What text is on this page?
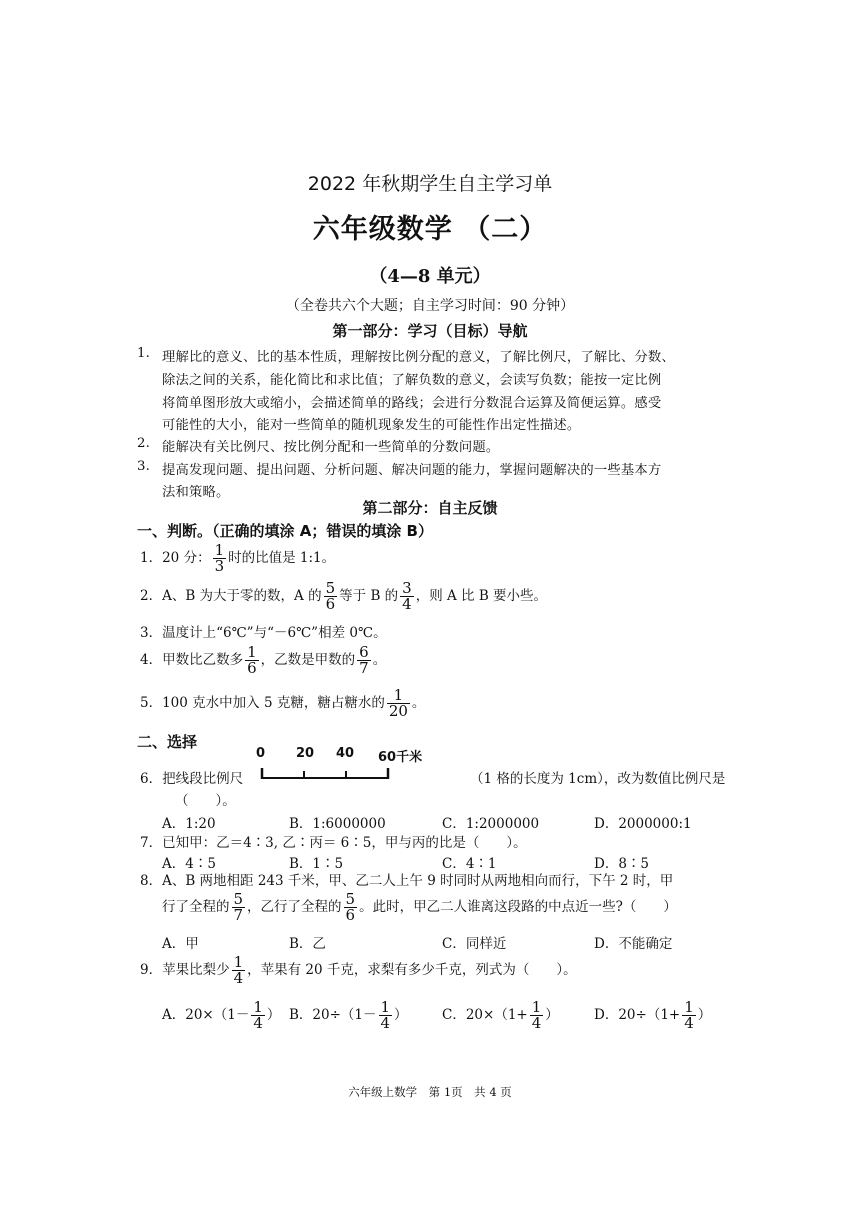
2022 年秋期学生自主学习单
六年级数学 （二）
（4—8 单元）
（全卷共六个大题；自主学习时间：90 分钟）
第一部分：学习（目标）导航
1. 理解比的意义、比的基本性质，理解按比例分配的意义，了解比例尺，了解比、分数、
除法之间的关系，能化简比和求比值；了解负数的意义，会读写负数；能按一定比例
将简单图形放大或缩小，会描述简单的路线；会进行分数混合运算及简便运算。感受
可能性的大小，能对一些简单的随机现象发生的可能性作出定性描述。
2. 能解决有关比例尺、按比例分配和一些简单的分数问题。
3. 提高发现问题、提出问题、分析问题、解决问题的能力，掌握问题解决的一些基本方
法和策略。
第二部分：自主反馈
一、判断。（正确的填涂 A；错误的填涂 B）
1．20 分： $\frac{1}{3}$ 时的比值是 1:1。
2．A、B 为大于零的数，A 的 $\frac{5}{6}$ 等于 B 的 $\frac{3}{4}$ ，则 A 比 B 要小些。
3．温度计上“6℃”与“－6℃”相差 0℃。
4．甲数比乙数多 $\frac{1}{6}$ ，乙数是甲数的 $\frac{6}{7}$ 。
5．100 克水中加入 5 克糖，糖占糖水的 $\frac{1}{20}$ 。
二、选择
6．把线段比例尺
0 20 40 60千米
（1 格的长度为 1cm），改为数值比例尺是
（　　）。
A．1:20	B．1:6000000	C．1:2000000	D．2000000:1
7．已知甲：乙＝4∶3, 乙∶丙＝ 6∶5，甲与丙的比是（　　）。
A．4∶5	B．1∶5	C．4∶1	D．8∶5
8．A、B 两地相距 243 千米，甲、乙二人上午 9 时同时从两地相向而行，下午 2 时，甲
行了全程的 $\frac{5}{7}$ ，乙行了全程的 $\frac{5}{6}$ 。此时，甲乙二人谁离这段路的中点近一些?（　　）
A．甲	B．乙	C．同样近	D．不能确定
9．苹果比梨少 $\frac{1}{4}$ ，苹果有 20 千克，求梨有多少千克，列式为（　　）。
A．$20\times(1- \frac{1}{4}$ ） B．$20\div(1- \frac{1}{4}$ ）	C．$20\times(1+ \frac{1}{4}$ ）	D．$20\div(1+ \frac{1}{4}$ ）
六年级上数学　第 1页　共 4 页
